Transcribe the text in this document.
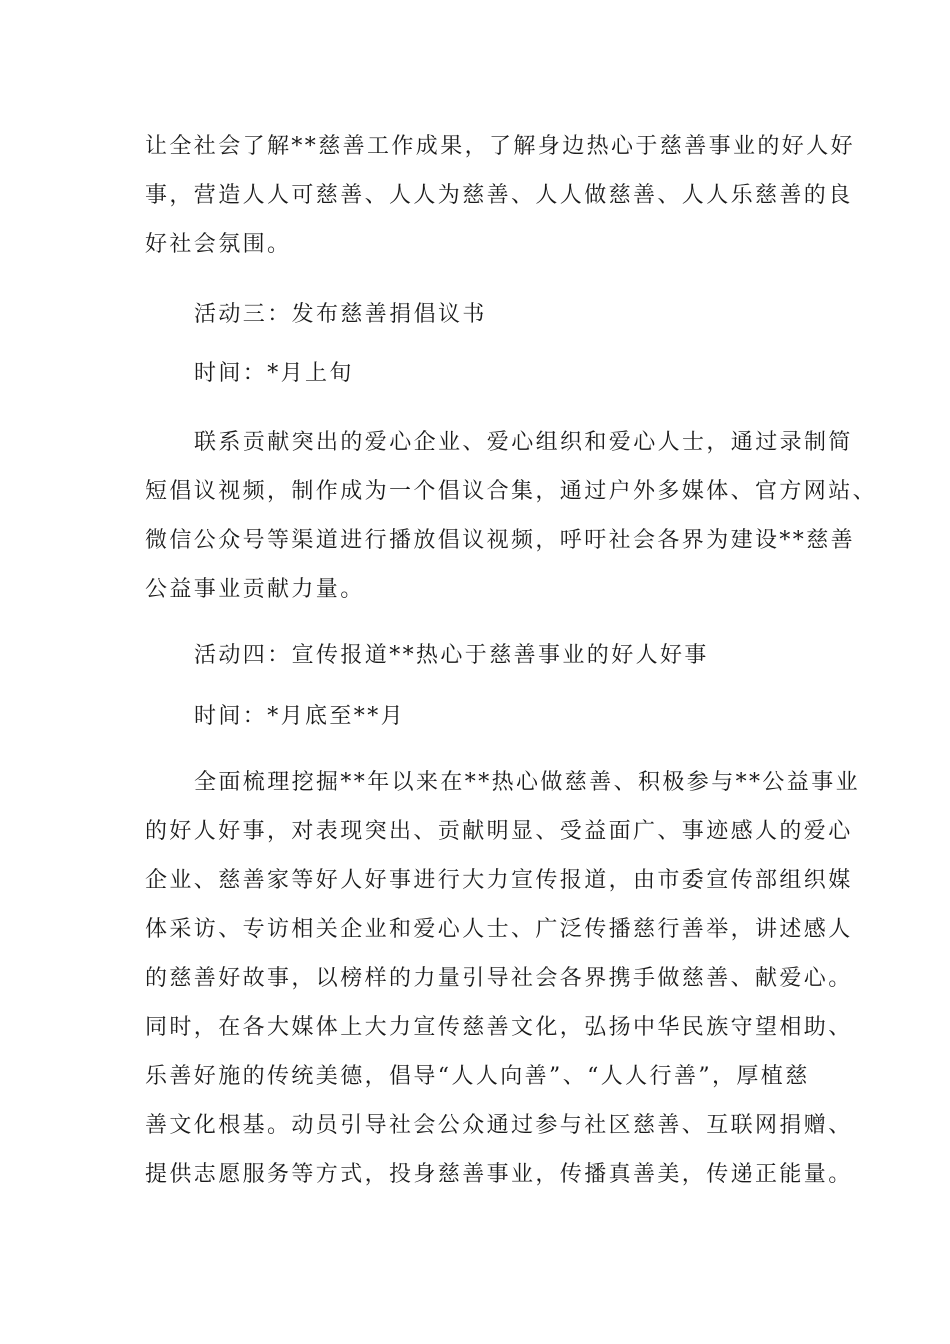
让全社会了解**慈善工作成果，了解身边热心于慈善事业的好人好
事，营造人人可慈善、人人为慈善、人人做慈善、人人乐慈善的良
好社会氛围。
活动三：发布慈善捐倡议书
时间：*月上旬
联系贡献突出的爱心企业、爱心组织和爱心人士，通过录制简
短倡议视频，制作成为一个倡议合集，通过户外多媒体、官方网站、
微信公众号等渠道进行播放倡议视频，呼吁社会各界为建设**慈善
公益事业贡献力量。
活动四：宣传报道**热心于慈善事业的好人好事
时间：*月底至**月
全面梳理挖掘**年以来在**热心做慈善、积极参与**公益事业
的好人好事，对表现突出、贡献明显、受益面广、事迹感人的爱心
企业、慈善家等好人好事进行大力宣传报道，由市委宣传部组织媒
体采访、专访相关企业和爱心人士、广泛传播慈行善举，讲述感人
的慈善好故事，以榜样的力量引导社会各界携手做慈善、献爱心。
同时，在各大媒体上大力宣传慈善文化，弘扬中华民族守望相助、
乐善好施的传统美德，倡导“人人向善”、“人人行善”，厚植慈
善文化根基。动员引导社会公众通过参与社区慈善、互联网捐赠、
提供志愿服务等方式，投身慈善事业，传播真善美，传递正能量。
